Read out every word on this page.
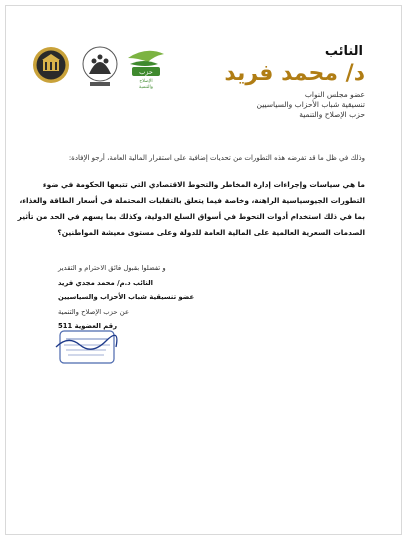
حزب
الإصلاح
والتنمية
النائب
د/ محمد فريد
عضو مجلس النواب
تنسيقية شباب الأحزاب والسياسيين
حزب الإصلاح والتنمية
وذلك في ظل ما قد تفرضه هذه التطورات من تحديات إضافية على استقرار المالية العامة، أرجو الإفادة:
ما هي سياسات وإجراءات إدارة المخاطر والتحوط الاقتصادي التي تتبعها الحكومة في ضوء
التطورات الجيوسياسية الراهنة، وخاصة فيما يتعلق بالتقلبات المحتملة في أسعار الطاقة والغذاء،
بما في ذلك استخدام أدوات التحوط في أسواق السلع الدولية، وكذلك بما يسهم في الحد من تأثير
الصدمات السعرية العالمية على المالية العامة للدولة وعلى مستوى معيشة المواطنين؟
و تفضلوا بقبول فائق الاحترام و التقدير
النائب د.م/ محمد مجدي فريد
عضو تنسيقية شباب الأحزاب والسياسيين
عن حزب الإصلاح والتنمية
رقم العضوية 511
